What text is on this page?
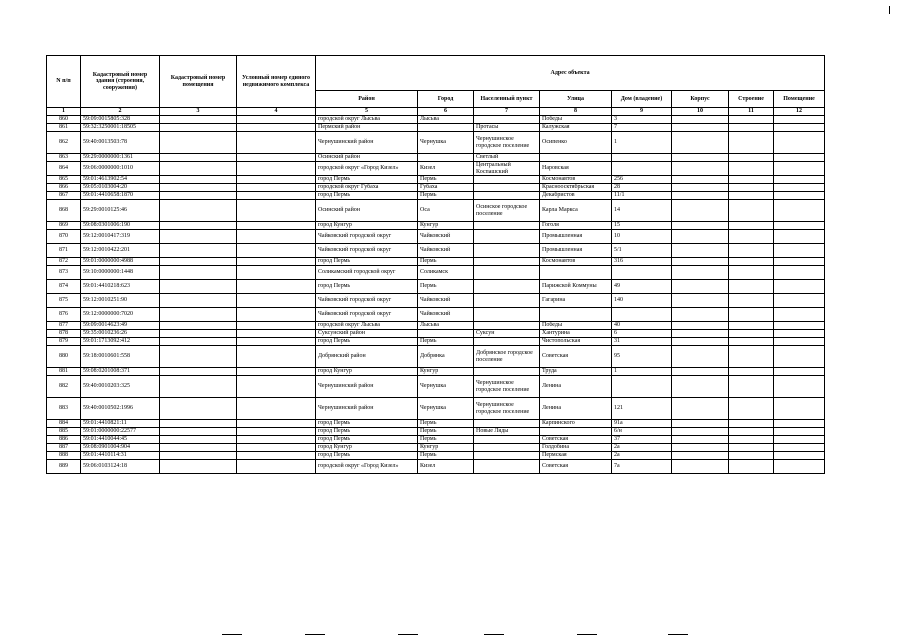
N п/п	Кадастровый номер здания (строения, сооружения)	Кадастровый номер помещения	Условный номер единого недвижимого комплекса	Адрес объекта							
				Район	Город	Населенный пункт	Улица	Дом (владение)	Корпус	Строение	Помещение
1	2	3	4	5	6	7	8	9	10	11	12
860	59:09:0015805:328			городской округ Лысьва	Лысьва		Победы	3			
861	59:32:3250001:18505			Пермский район		Протасы	Калужская	7			
862	59:40:0013503:78			Чернушинский район	Чернушка	Чернушинское городское поселение	Осипенко	1			
863	59:29:0000000:1361			Осинский район		Светлый					
864	59:06:0000000:1010			городской округ «Город Кизел»	Кизел	Центральный Коспашский	Наровская				
865	59:01:4613902:54			город Пермь	Пермь		Космонавтов	256			
866	59:05:0103004:20			городской округ Губаха	Губаха		Красноосктябрьская	28			
867	59:01:4410658:1870			город Пермь	Пермь		Декабристов	11/1			
868	59:29:0010125:46			Осинский район	Оса	Осинское городское поселение	Карла Маркса	14			
869	59:08:0301006:190			город Кунгур	Кунгур		Гоголя	15			
870	59:12:0010417:319			Чайковский городской округ	Чайковский		Промышленная	10			
871	59:12:0010422:201			Чайковский городской округ	Чайковский		Промышленная	5/1			
872	59:01:0000000:4988			город Пермь	Пермь		Космонавтов	316			
873	59:10:0000000:1448			Соликамский городской округ	Соликамск						
874	59:01:4410218:623			город Пермь	Пермь		Парижской Коммуны	49			
875	59:12:0010251:90			Чайковский городской округ	Чайковский		Гагарина	140			
876	59:12:0000000:7020			Чайковский городской округ	Чайковский						
877	59:09:0014623:49			городской округ Лысьва	Лысьва		Победы	40			
878	59:35:0010236:26			Суксунский район		Суксун	Хантурина	6			
879	59:01:1713092:412			город Пермь	Пермь		Чистопольская	31			
880	59:18:0010601:558			Добрянский район	Добрянка	Добрянское городское поселение	Советская	95			
881	59:08:0201008:371			город Кунгур	Кунгур		Труда	1			
882	59:40:0010203:325			Чернушинский район	Чернушка	Чернушинское городское поселение	Ленина				
883	59:40:0010502:1996			Чернушинский район	Чернушка	Чернушинское городское поселение	Ленина	121			
884	59:01:4410821:11			город Пермь	Пермь		Карпинского	91а			
885	59:01:0000000:22577			город Пермь	Пермь	Новые Ляды		6/н			
886	59:01:4410044:45			город Пермь	Пермь		Советская	37			
887	59:08:0901004:904			город Кунгур	Кунгур		Голдобина	2а			
888	59:01:4410114:31			город Пермь	Пермь		Пермская	2а			
889	59:06:0103124:18			городской округ «Город Кизел»	Кизел		Советская	7а			
